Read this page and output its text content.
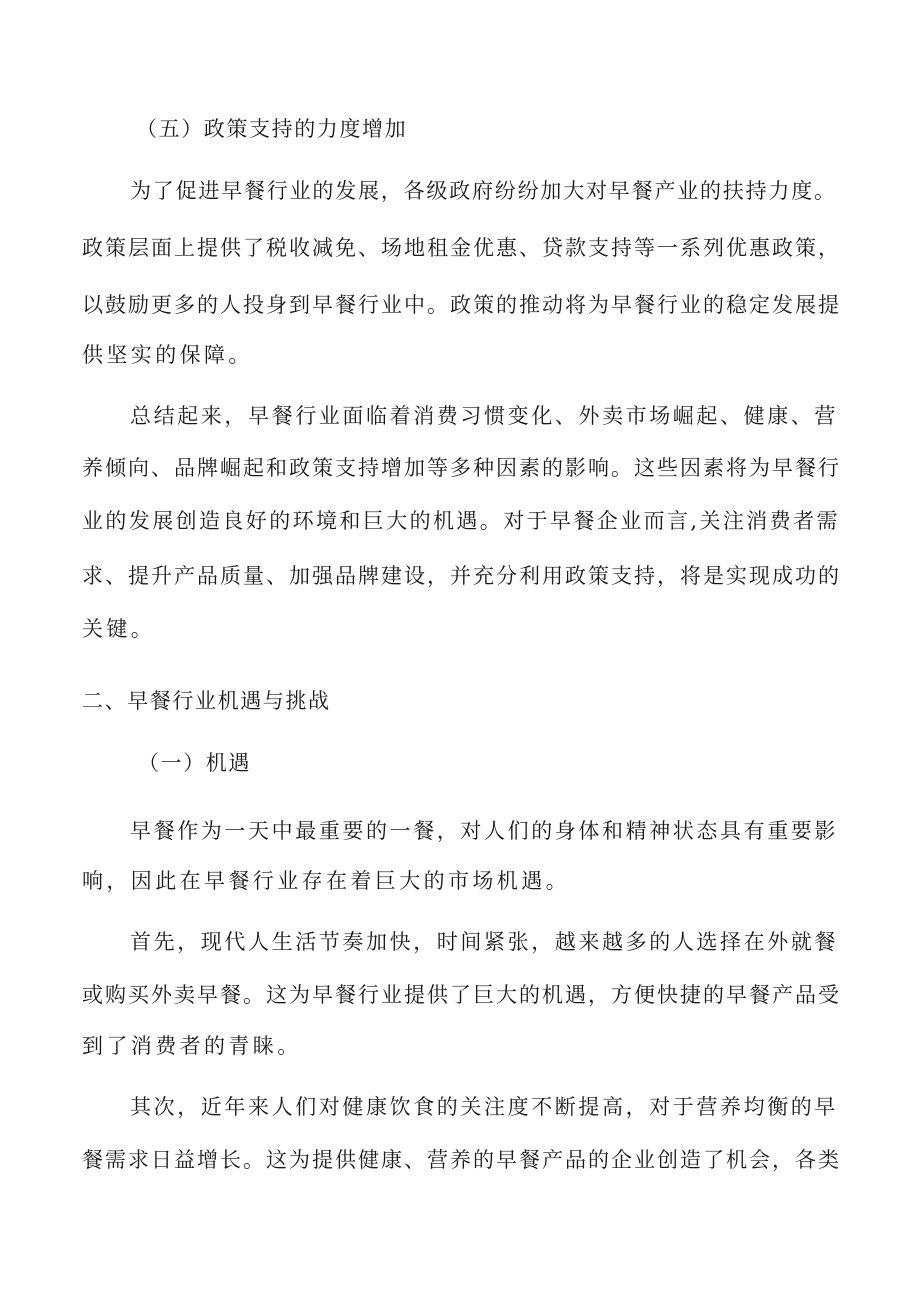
（五）政策支持的力度增加
为了促进早餐行业的发展，各级政府纷纷加大对早餐产业的扶持力度。
政策层面上提供了税收减免、场地租金优惠、贷款支持等一系列优惠政策，
以鼓励更多的人投身到早餐行业中。政策的推动将为早餐行业的稳定发展提
供坚实的保障。
总结起来，早餐行业面临着消费习惯变化、外卖市场崛起、健康、营
养倾向、品牌崛起和政策支持增加等多种因素的影响。这些因素将为早餐行
业的发展创造良好的环境和巨大的机遇。对于早餐企业而言,关注消费者需
求、提升产品质量、加强品牌建设，并充分利用政策支持，将是实现成功的
关键。
二、早餐行业机遇与挑战
（一）机遇
早餐作为一天中最重要的一餐，对人们的身体和精神状态具有重要影
响，因此在早餐行业存在着巨大的市场机遇。
首先，现代人生活节奏加快，时间紧张，越来越多的人选择在外就餐
或购买外卖早餐。这为早餐行业提供了巨大的机遇，方便快捷的早餐产品受
到了消费者的青睐。
其次，近年来人们对健康饮食的关注度不断提高，对于营养均衡的早
餐需求日益增长。这为提供健康、营养的早餐产品的企业创造了机会，各类
